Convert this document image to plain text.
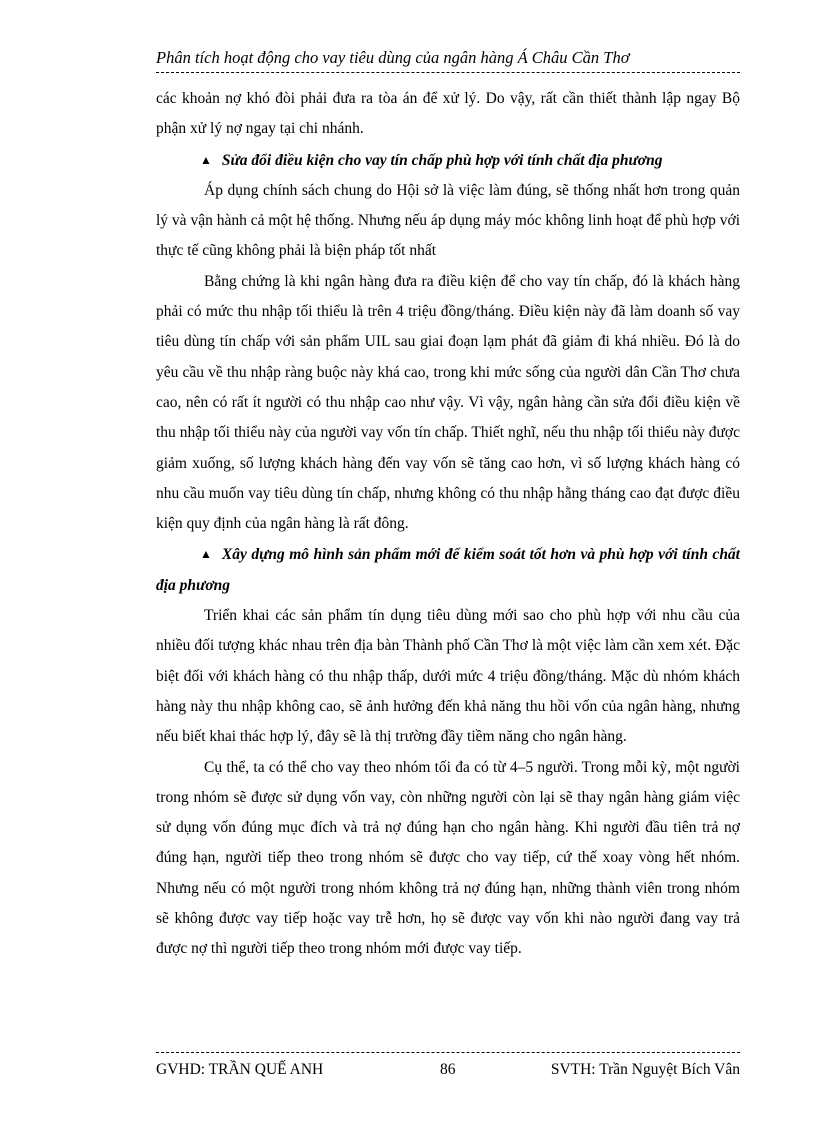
Phân tích hoạt động cho vay tiêu dùng của ngân hàng Á Châu Cần Thơ

các khoản nợ khó đòi phải đưa ra tòa án để xử lý. Do vậy, rất cần thiết thành lập ngay Bộ phận xử lý nợ ngay tại chi nhánh.

▲ Sửa đổi điều kiện cho vay tín chấp phù hợp với tính chất địa phương

Áp dụng chính sách chung do Hội sở là việc làm đúng, sẽ thống nhất hơn trong quản lý và vận hành cả một hệ thống. Nhưng nếu áp dụng máy móc không linh hoạt để phù hợp với thực tế cũng không phải là biện pháp tốt nhất

Bằng chứng là khi ngân hàng đưa ra điều kiện để cho vay tín chấp, đó là khách hàng phải có mức thu nhập tối thiểu là trên 4 triệu đồng/tháng. Điều kiện này đã làm doanh số vay tiêu dùng tín chấp với sản phẩm UIL sau giai đoạn lạm phát đã giảm đi khá nhiều. Đó là do yêu cầu về thu nhập ràng buộc này khá cao, trong khi mức sống của người dân Cần Thơ chưa cao, nên có rất ít người có thu nhập cao như vậy. Vì vậy, ngân hàng cần sửa đổi điều kiện về thu nhập tối thiểu này của người vay vốn tín chấp. Thiết nghĩ, nếu thu nhập tối thiểu này được giảm xuống, số lượng khách hàng đến vay vốn sẽ tăng cao hơn, vì số lượng khách hàng có nhu cầu muốn vay tiêu dùng tín chấp, nhưng không có thu nhập hằng tháng cao đạt được điều kiện quy định của ngân hàng là rất đông.

▲ Xây dựng mô hình sản phẩm mới để kiểm soát tốt hơn và phù hợp với tính chất địa phương

Triển khai các sản phẩm tín dụng tiêu dùng mới sao cho phù hợp với nhu cầu của nhiều đối tượng khác nhau trên địa bàn Thành phố Cần Thơ là một việc làm cần xem xét. Đặc biệt đối với khách hàng có thu nhập thấp, dưới mức 4 triệu đồng/tháng. Mặc dù nhóm khách hàng này thu nhập không cao, sẽ ảnh hưởng đến khả năng thu hồi vốn của ngân hàng, nhưng nếu biết khai thác hợp lý, đây sẽ là thị trường đầy tiềm năng cho ngân hàng.

Cụ thể, ta có thể cho vay theo nhóm tối đa có từ 4–5 người. Trong mỗi kỳ, một người trong nhóm sẽ được sử dụng vốn vay, còn những người còn lại sẽ thay ngân hàng giám việc sử dụng vốn đúng mục đích và trả nợ đúng hạn cho ngân hàng. Khi người đầu tiên trả nợ đúng hạn, người tiếp theo trong nhóm sẽ được cho vay tiếp, cứ thế xoay vòng hết nhóm. Nhưng nếu có một người trong nhóm không trả nợ đúng hạn, những thành viên trong nhóm sẽ không được vay tiếp hoặc vay trễ hơn, họ sẽ được vay vốn khi nào người đang vay trả được nợ thì người tiếp theo trong nhóm mới được vay tiếp.

GVHD: TRẦN QUẾ ANH	86	SVTH: Trần Nguyệt Bích Vân
